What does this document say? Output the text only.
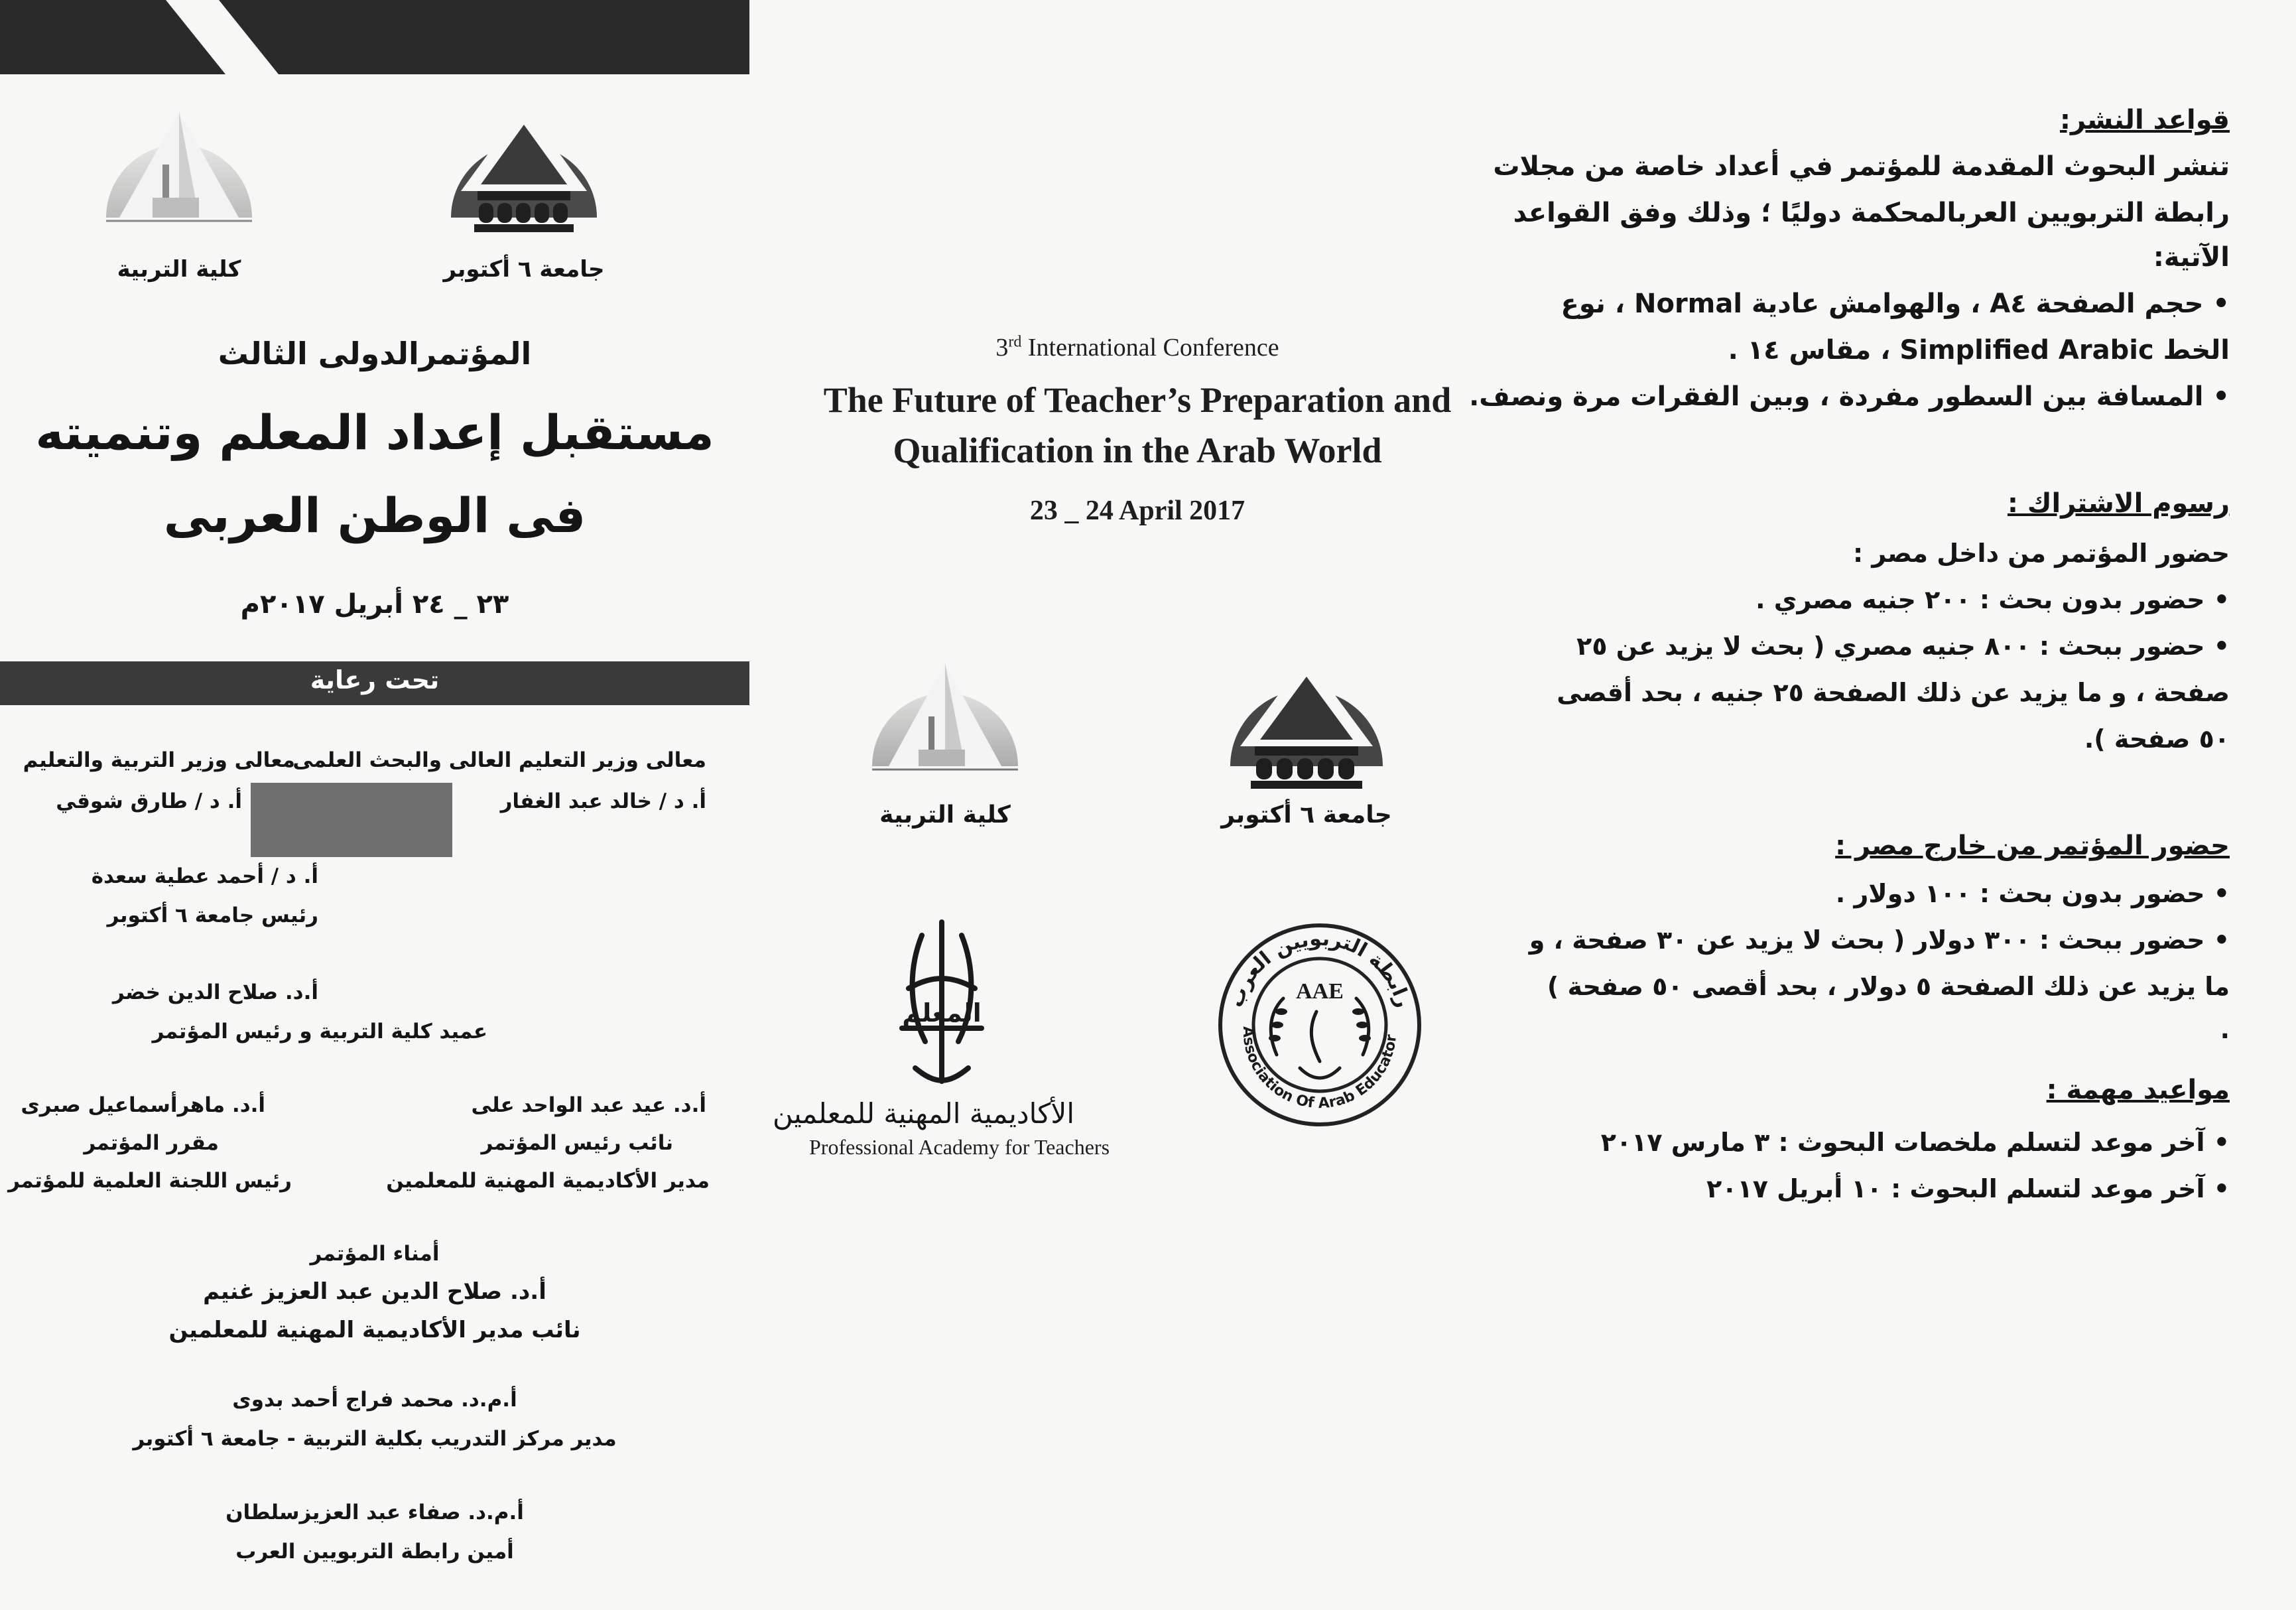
كلية التربية	جامعة ٦ أكتوبر
المؤتمرالدولى الثالث
مستقبل إعداد المعلم وتنميته
فى الوطن العربى
٢٣ _ ٢٤ أبريل ٢٠١٧م
تحت رعاية
معالى وزير التعليم العالى والبحث العلمى
أ. د / خالد عبد الغفار
معالى وزير التربية والتعليم
أ. د / طارق شوقي
أ. د / أحمد عطية سعدة
رئيس جامعة ٦ أكتوبر
أ.د. صلاح الدين خضر
عميد كلية التربية و رئيس المؤتمر
أ.د. عيد عبد الواحد على
نائب رئيس المؤتمر
مدير الأكاديمية المهنية للمعلمين
أ.د. ماهرأسماعيل صبرى
مقرر المؤتمر
رئيس اللجنة العلمية للمؤتمر
أمناء المؤتمر
أ.د. صلاح الدين عبد العزيز غنيم
نائب مدير الأكاديمية المهنية للمعلمين
أ.م.د. محمد فراج أحمد بدوى
مدير مركز التدريب بكلية التربية - جامعة ٦ أكتوبر
أ.م.د. صفاء عبد العزيزسلطان
أمين رابطة التربويين العرب
3rd International Conference
The Future of Teacher’s Preparation and
Qualification in the Arab World
23 _ 24 April 2017
كلية التربية	جامعة ٦ أكتوبر
المعلم
الأكاديمية المهنية للمعلمين
Professional Academy for Teachers
رابطة التربويين العرب
Association Of Arab Educator
AAE
قواعد النشر:
تنشر البحوث المقدمة للمؤتمر في أعداد خاصة من مجلات
رابطة التربويين العربالمحكمة دوليًا ؛ وذلك وفق القواعد
الآتية:
• حجم الصفحة A٤ ، والهوامش عادية Normal ، نوع
الخط Simplified Arabic ، مقاس ١٤ .
• المسافة بين السطور مفردة ، وبين الفقرات مرة ونصف.
رسوم الاشتراك :
حضور المؤتمر من داخل مصر :
• حضور بدون بحث : ٢٠٠ جنيه مصري .
• حضور ببحث : ٨٠٠ جنيه مصري ( بحث لا يزيد عن ٢٥
صفحة ، و ما يزيد عن ذلك الصفحة ٢٥ جنيه ، بحد أقصى
٥٠ صفحة ).
حضور المؤتمر من خارج مصر :
• حضور بدون بحث : ١٠٠ دولار .
• حضور ببحث : ٣٠٠ دولار ( بحث لا يزيد عن ٣٠ صفحة ، و
ما يزيد عن ذلك الصفحة ٥ دولار ، بحد أقصى ٥٠ صفحة )
.
مواعيد مهمة :
• آخر موعد لتسلم ملخصات البحوث : ٣ مارس ٢٠١٧
• آخر موعد لتسلم البحوث : ١٠ أبريل ٢٠١٧
